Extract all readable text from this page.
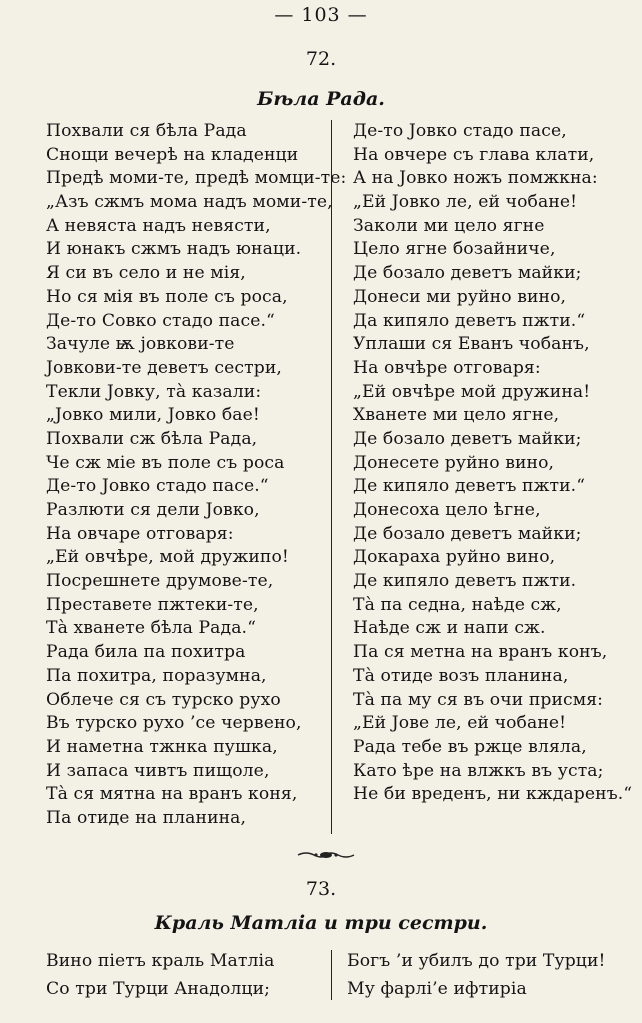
— 103 —
72.
Бѣла Рада.
Похвали ся бѣла Рада
Снощи вечерѣ на кладенци
Предѣ моми-те, предѣ момци-те:
„Азъ сжмъ мома надъ моми-те,
А невяста надъ невясти,
И юнакъ сжмъ надъ юнаци.
Я си въ село и не мія,
Но ся мія въ поле съ роса,
Де-то Совко стадо пасе.“
Зачуле ѭ јовкови-те
Јовкови-те деветъ сестри,
Текли Јовку, тà казали:
„Јовко мили, Јовко бае!
Похвали сж бѣла Рада,
Че сж міе въ поле съ роса
Де-то Јовко стадо пасе.“
Разлюти ся дели Јовко,
На овчаре отговаря:
„Ей овчѣре, мой дружипо!
Посрешнете друмове-те,
Преставете пжтеки-те,
Тà хванете бѣла Рада.“
Рада била па похитра
Па похитра, поразумна,
Облече ся съ турско рухо
Въ турско рухо ’се червено,
И наметна тжнка пушка,
И запаса чивтъ пищоле,
Тà ся мятна на вранъ коня,
Па отиде на планина,
Де-то Јовко стадо пасе,
На овчере съ глава клати,
А на Јовко ножъ помжкна:
„Ей Јовко ле, ей чобане!
Заколи ми цело ягне
Цело ягне бозайниче,
Де бозало деветъ майки;
Донеси ми руйно вино,
Да кипяло деветъ пжти.“
Уплаши ся Еванъ чобанъ,
На овчѣре отговаря:
„Ей овчѣре мой дружина!
Хванете ми цело ягне,
Де бозало деветъ майки;
Донесете руйно вино,
Де кипяло деветъ пжти.“
Донесоха цело ѣгне,
Де бозало деветъ майки;
Докараха руйно вино,
Де кипяло деветъ пжти.
Тà па седна, наѣде сж,
Наѣде сж и напи сж.
Па ся метна на вранъ конъ,
Тà отиде возъ планина,
Тà па му ся въ очи присмя:
„Ей Јове ле, ей чобане!
Рада тебе въ ржце вляла,
Като ѣре на влжкъ въ уста;
Не би вреденъ, ни кждаренъ.“
73.
Краль Матліа и три сестри.
Вино піетъ краль Матліа
Со три Турци Анадолци;
Богъ ’и убилъ до три Турци!
Му фарлі’е ифтиріа
